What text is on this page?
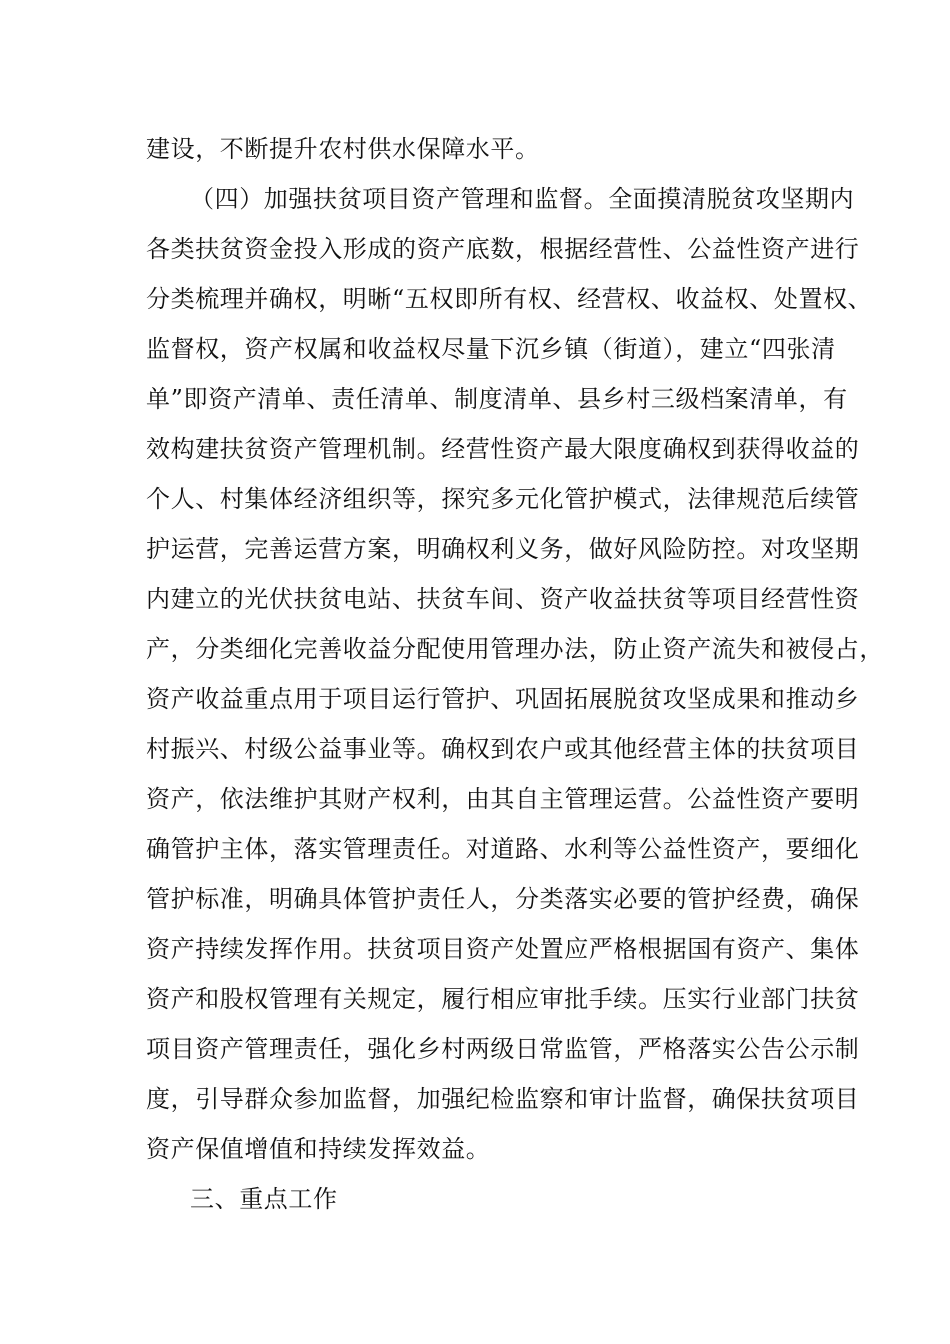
建设，不断提升农村供水保障水平。
（四）加强扶贫项目资产管理和监督。全面摸清脱贫攻坚期内
各类扶贫资金投入形成的资产底数，根据经营性、公益性资产进行
分类梳理并确权，明晰“五权即所有权、经营权、收益权、处置权、
监督权，资产权属和收益权尽量下沉乡镇（街道），建立“四张清
单”即资产清单、责任清单、制度清单、县乡村三级档案清单，有
效构建扶贫资产管理机制。经营性资产最大限度确权到获得收益的
个人、村集体经济组织等，探究多元化管护模式，法律规范后续管
护运营，完善运营方案，明确权利义务，做好风险防控。对攻坚期
内建立的光伏扶贫电站、扶贫车间、资产收益扶贫等项目经营性资
产，分类细化完善收益分配使用管理办法，防止资产流失和被侵占，
资产收益重点用于项目运行管护、巩固拓展脱贫攻坚成果和推动乡
村振兴、村级公益事业等。确权到农户或其他经营主体的扶贫项目
资产，依法维护其财产权利，由其自主管理运营。公益性资产要明
确管护主体，落实管理责任。对道路、水利等公益性资产，要细化
管护标准，明确具体管护责任人，分类落实必要的管护经费，确保
资产持续发挥作用。扶贫项目资产处置应严格根据国有资产、集体
资产和股权管理有关规定，履行相应审批手续。压实行业部门扶贫
项目资产管理责任，强化乡村两级日常监管，严格落实公告公示制
度，引导群众参加监督，加强纪检监察和审计监督，确保扶贫项目
资产保值增值和持续发挥效益。
三、重点工作
